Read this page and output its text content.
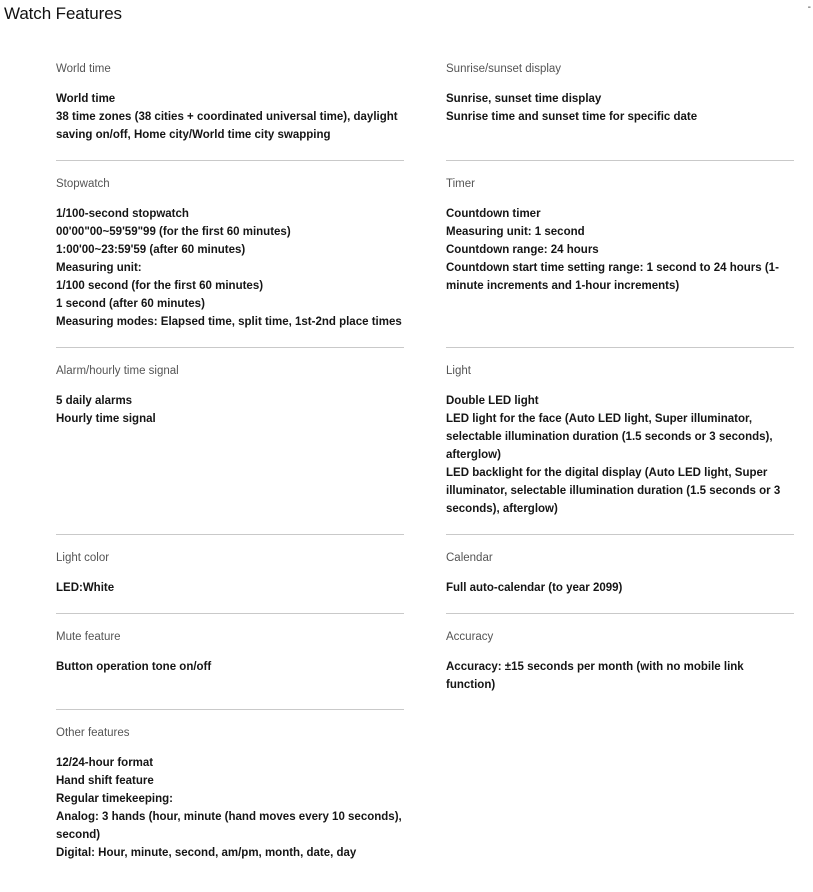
Watch Features	-
World time

World time

38 time zones (38 cities + coordinated universal time), daylight saving on/off, Home city/World time city swapping

Sunrise/sunset display

Sunrise, sunset time display

Sunrise time and sunset time for specific date

Stopwatch

1/100-second stopwatch

00'00"00~59'59"99 (for the first 60 minutes)

1:00'00~23:59'59 (after 60 minutes)

Measuring unit:

1/100 second (for the first 60 minutes)

1 second (after 60 minutes)

Measuring modes: Elapsed time, split time, 1st-2nd place times

Timer

Countdown timer

Measuring unit: 1 second

Countdown range: 24 hours

Countdown start time setting range: 1 second to 24 hours (1-minute increments and 1-hour increments)

Alarm/hourly time signal

5 daily alarms

Hourly time signal

Light

Double LED light

LED light for the face (Auto LED light, Super illuminator, selectable illumination duration (1.5 seconds or 3 seconds), afterglow)

LED backlight for the digital display (Auto LED light, Super illuminator, selectable illumination duration (1.5 seconds or 3 seconds), afterglow)

Light color

LED:White

Calendar

Full auto-calendar (to year 2099)

Mute feature

Button operation tone on/off

Accuracy

Accuracy: ±15 seconds per month (with no mobile link function)

Other features

12/24-hour format

Hand shift feature

Regular timekeeping:

Analog: 3 hands (hour, minute (hand moves every 10 seconds), second)

Digital: Hour, minute, second, am/pm, month, date, day
